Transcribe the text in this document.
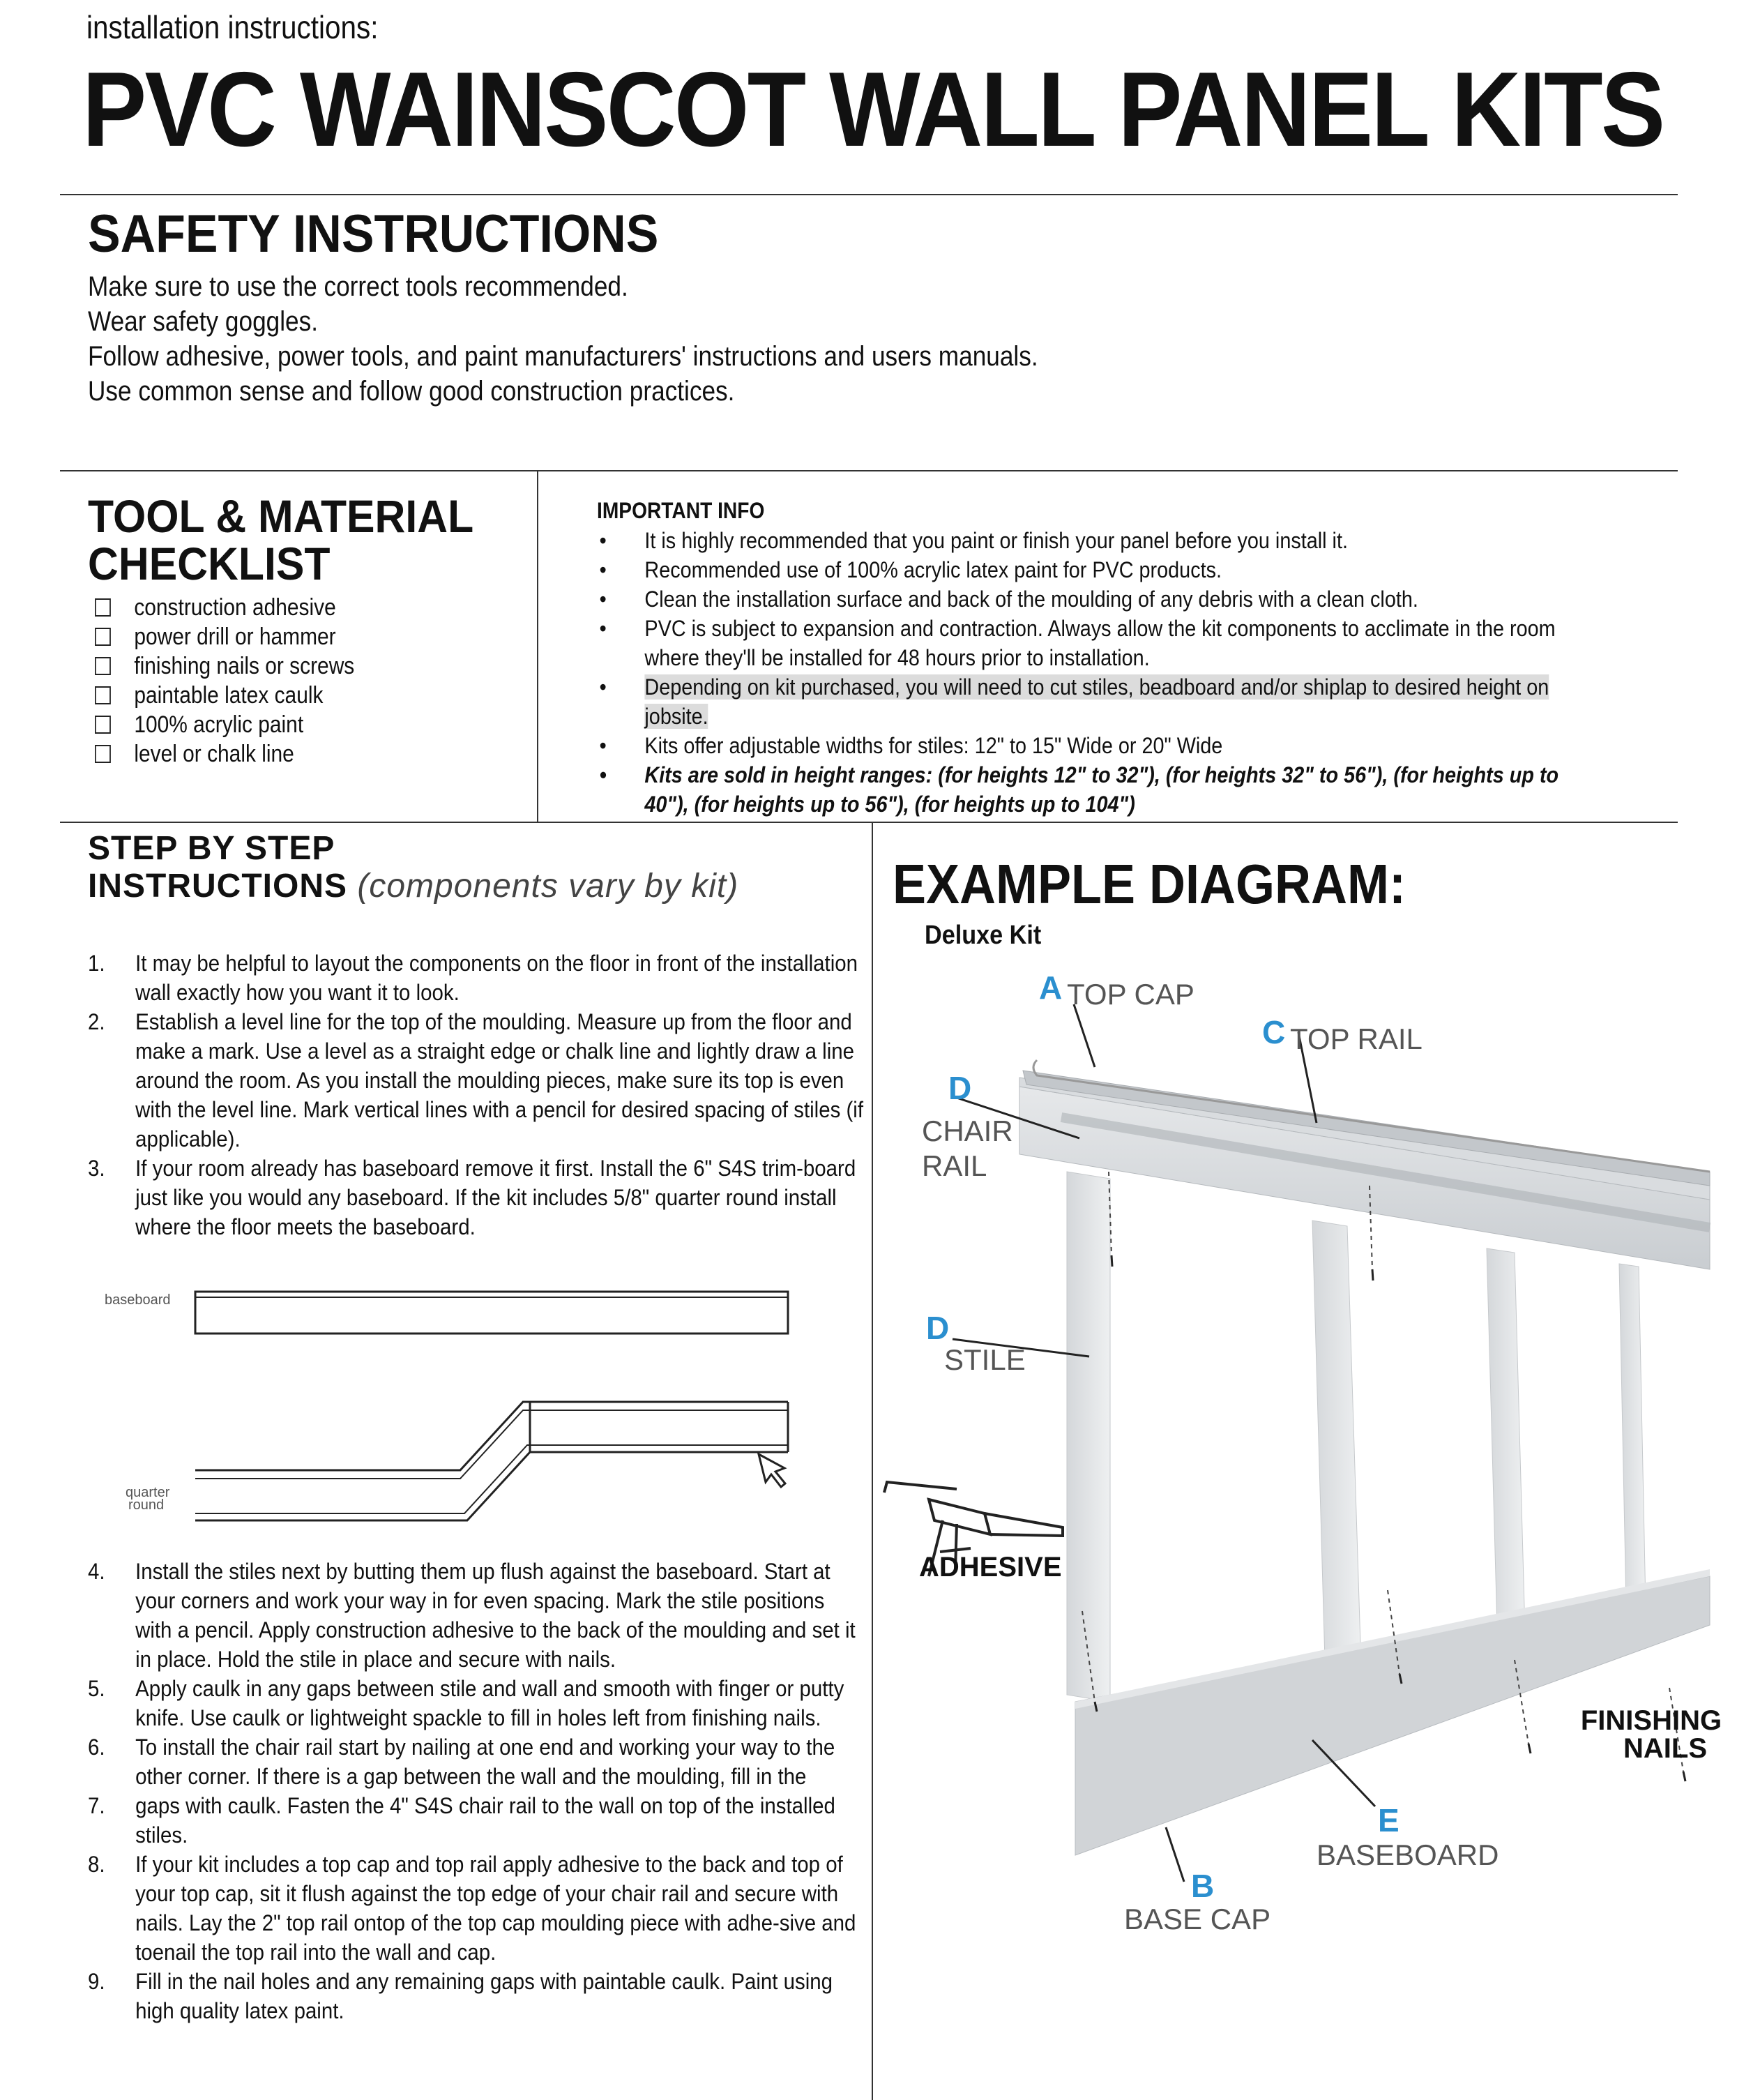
installation instructions:
PVC WAINSCOT WALL PANEL KITS
SAFETY INSTRUCTIONS
Make sure to use the correct tools recommended.
Wear safety goggles.
Follow adhesive, power tools, and paint manufacturers' instructions and users manuals.
Use common sense and follow good construction practices.
TOOL & MATERIAL
CHECKLIST
construction adhesive
power drill or hammer
finishing nails or screws
paintable latex caulk
100% acrylic paint
level or chalk line
IMPORTANT INFO
• It is highly recommended that you paint or finish your panel before you install it.
• Recommended use of 100% acrylic latex paint for PVC products.
• Clean the installation surface and back of the moulding of any debris with a clean cloth.
• PVC is subject to expansion and contraction. Always allow the kit components to acclimate in the room where they'll be installed for 48 hours prior to installation.
• Depending on kit purchased, you will need to cut stiles, beadboard and/or shiplap to desired height on jobsite.
• Kits offer adjustable widths for stiles: 12" to 15" Wide or 20" Wide
• Kits are sold in height ranges: (for heights 12" to 32"), (for heights 32" to 56"), (for heights up to 40"), (for heights up to 56"), (for heights up to 104")
STEP BY STEP
INSTRUCTIONS (components vary by kit)
1. It may be helpful to layout the components on the floor in front of the installation wall exactly how you want it to look.
2. Establish a level line for the top of the moulding. Measure up from the floor and make a mark. Use a level as a straight edge or chalk line and lightly draw a line around the room. As you install the moulding pieces, make sure its top is even with the level line. Mark vertical lines with a pencil for desired spacing of stiles (if applicable).
3. If your room already has baseboard remove it first. Install the 6" S4S trim-board just like you would any baseboard. If the kit includes 5/8" quarter round install where the floor meets the baseboard.
baseboard
quarter
round
4. Install the stiles next by butting them up flush against the baseboard. Start at your corners and work your way in for even spacing. Mark the stile positions with a pencil. Apply construction adhesive to the back of the moulding and set it in place. Hold the stile in place and secure with nails.
5. Apply caulk in any gaps between stile and wall and smooth with finger or putty knife. Use caulk or lightweight spackle to fill in holes left from finishing nails.
6. To install the chair rail start by nailing at one end and working your way to the other corner. If there is a gap between the wall and the moulding, fill in the
7. gaps with caulk. Fasten the 4" S4S chair rail to the wall on top of the installed stiles.
8. If your kit includes a top cap and top rail apply adhesive to the back and top of your top cap, sit it flush against the top edge of your chair rail and secure with nails. Lay the 2" top rail ontop of the top cap moulding piece with adhe-sive and toenail the top rail into the wall and cap.
9. Fill in the nail holes and any remaining gaps with paintable caulk. Paint using high quality latex paint.
EXAMPLE DIAGRAM:
Deluxe Kit
A TOP CAP
C TOP RAIL
D
CHAIR
RAIL
D
STILE
ADHESIVE
FINISHING
NAILS
E
BASEBOARD
B
BASE CAP
